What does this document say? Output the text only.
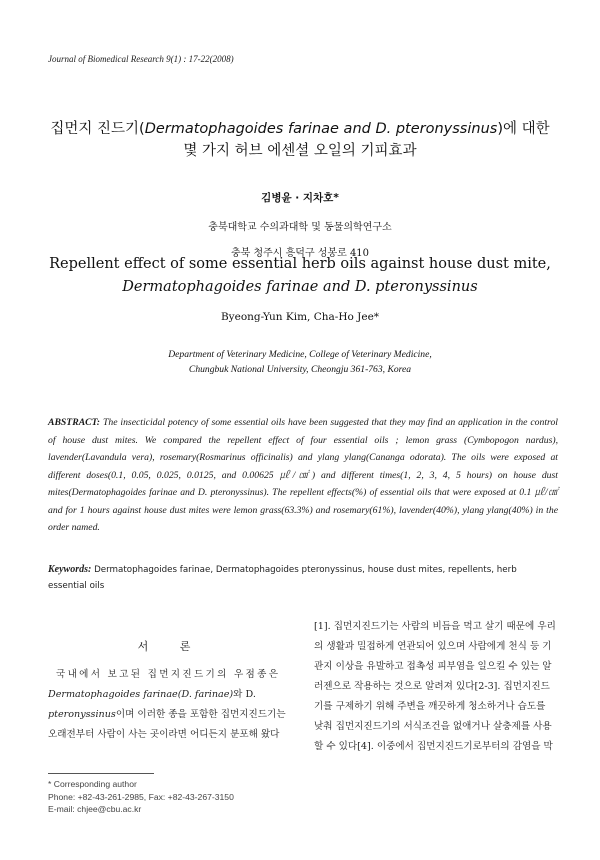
Journal of Biomedical Research 9(1) : 17-22(2008)
집먼지 진드기(Dermatophagoides farinae and D. pteronyssinus)에 대한
몇 가지 허브 에센셜 오일의 기피효과
김병윤 · 지차호*
충북대학교 수의과대학 및 동물의학연구소
충북 청주시 흥덕구 성봉로 410
Repellent effect of some essential herb oils against house dust mite,
Dermatophagoides farinae and D. pteronyssinus
Byeong-Yun Kim, Cha-Ho Jee*
Department of Veterinary Medicine, College of Veterinary Medicine,
Chungbuk National University, Cheongju 361-763, Korea
ABSTRACT: The insecticidal potency of some essential oils have been suggested that they may find an application in the control of house dust mites. We compared the repellent effect of four essential oils ; lemon grass (Cymbopogon nardus), lavender(Lavandula vera), rosemary(Rosmarinus officinalis) and ylang ylang(Cananga odorata). The oils were exposed at different doses(0.1, 0.05, 0.025, 0.0125, and 0.00625 ㎕/㎠) and different times(1, 2, 3, 4, 5 hours) on house dust mites(Dermatophagoides farinae and D. pteronyssinus). The repellent effects(%) of essential oils that were exposed at 0.1 ㎕/㎠ and for 1 hours against house dust mites were lemon grass(63.3%) and rosemary(61%), lavender(40%), ylang ylang(40%) in the order named.
Keywords: Dermatophagoides farinae, Dermatophagoides pteronyssinus, house dust mites, repellents, herb essential oils
서 론
국내에서 보고된 집먼지진드기의 우점종은
Dermatophagoides farinae(D. farinae)와 D.
pteronyssinus이며 이러한 종을 포함한 집먼지진드기는
오래전부터 사람이 사는 곳이라면 어디든지 분포해 왔다
[1]. 집먼지진드기는 사람의 비듬을 먹고 살기 때문에 우리
의 생활과 밀접하게 연관되어 있으며 사람에게 천식 등 기
관지 이상을 유발하고 접촉성 피부염을 일으킬 수 있는 알
러젠으로 작용하는 것으로 알려져 있다[2-3]. 집먼지진드
기를 구제하기 위해 주변을 깨끗하게 청소하거나 습도를
낮춰 집먼지진드기의 서식조건을 없애거나 살충제를 사용
할 수 있다[4]. 이중에서 집먼지진드기로부터의 감염을 막
* Corresponding author
Phone: +82-43-261-2985, Fax: +82-43-267-3150
E-mail: chjee@cbu.ac.kr
